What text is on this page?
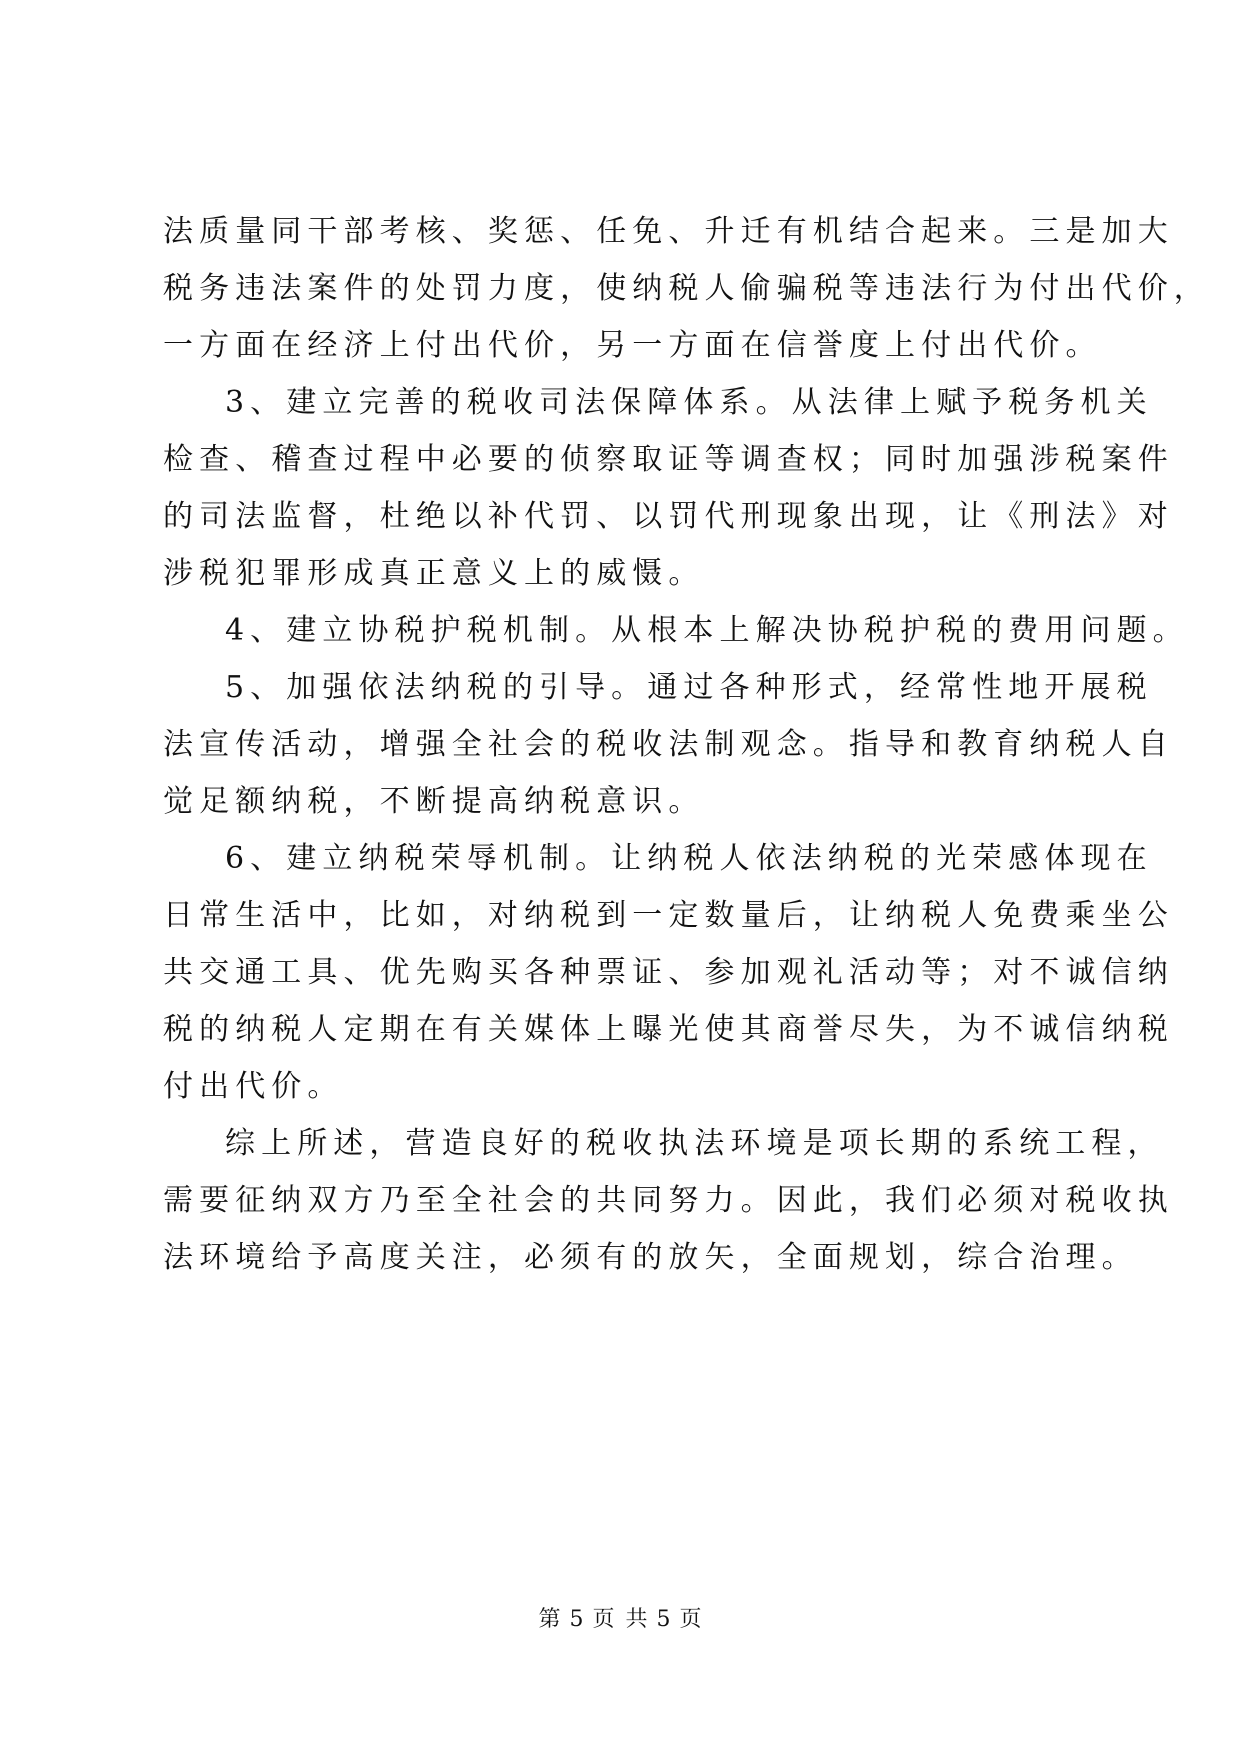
法质量同干部考核、奖惩、任免、升迁有机结合起来。三是加大
税务违法案件的处罚力度，使纳税人偷骗税等违法行为付出代价，
一方面在经济上付出代价，另一方面在信誉度上付出代价。
3、建立完善的税收司法保障体系。从法律上赋予税务机关
检查、稽查过程中必要的侦察取证等调查权；同时加强涉税案件
的司法监督，杜绝以补代罚、以罚代刑现象出现，让《刑法》对
涉税犯罪形成真正意义上的威慑。
4、建立协税护税机制。从根本上解决协税护税的费用问题。
5、加强依法纳税的引导。通过各种形式，经常性地开展税
法宣传活动，增强全社会的税收法制观念。指导和教育纳税人自
觉足额纳税，不断提高纳税意识。
6、建立纳税荣辱机制。让纳税人依法纳税的光荣感体现在
日常生活中，比如，对纳税到一定数量后，让纳税人免费乘坐公
共交通工具、优先购买各种票证、参加观礼活动等；对不诚信纳
税的纳税人定期在有关媒体上曝光使其商誉尽失，为不诚信纳税
付出代价。
综上所述，营造良好的税收执法环境是项长期的系统工程，
需要征纳双方乃至全社会的共同努力。因此，我们必须对税收执
法环境给予高度关注，必须有的放矢，全面规划，综合治理。
第 5 页 共 5 页
